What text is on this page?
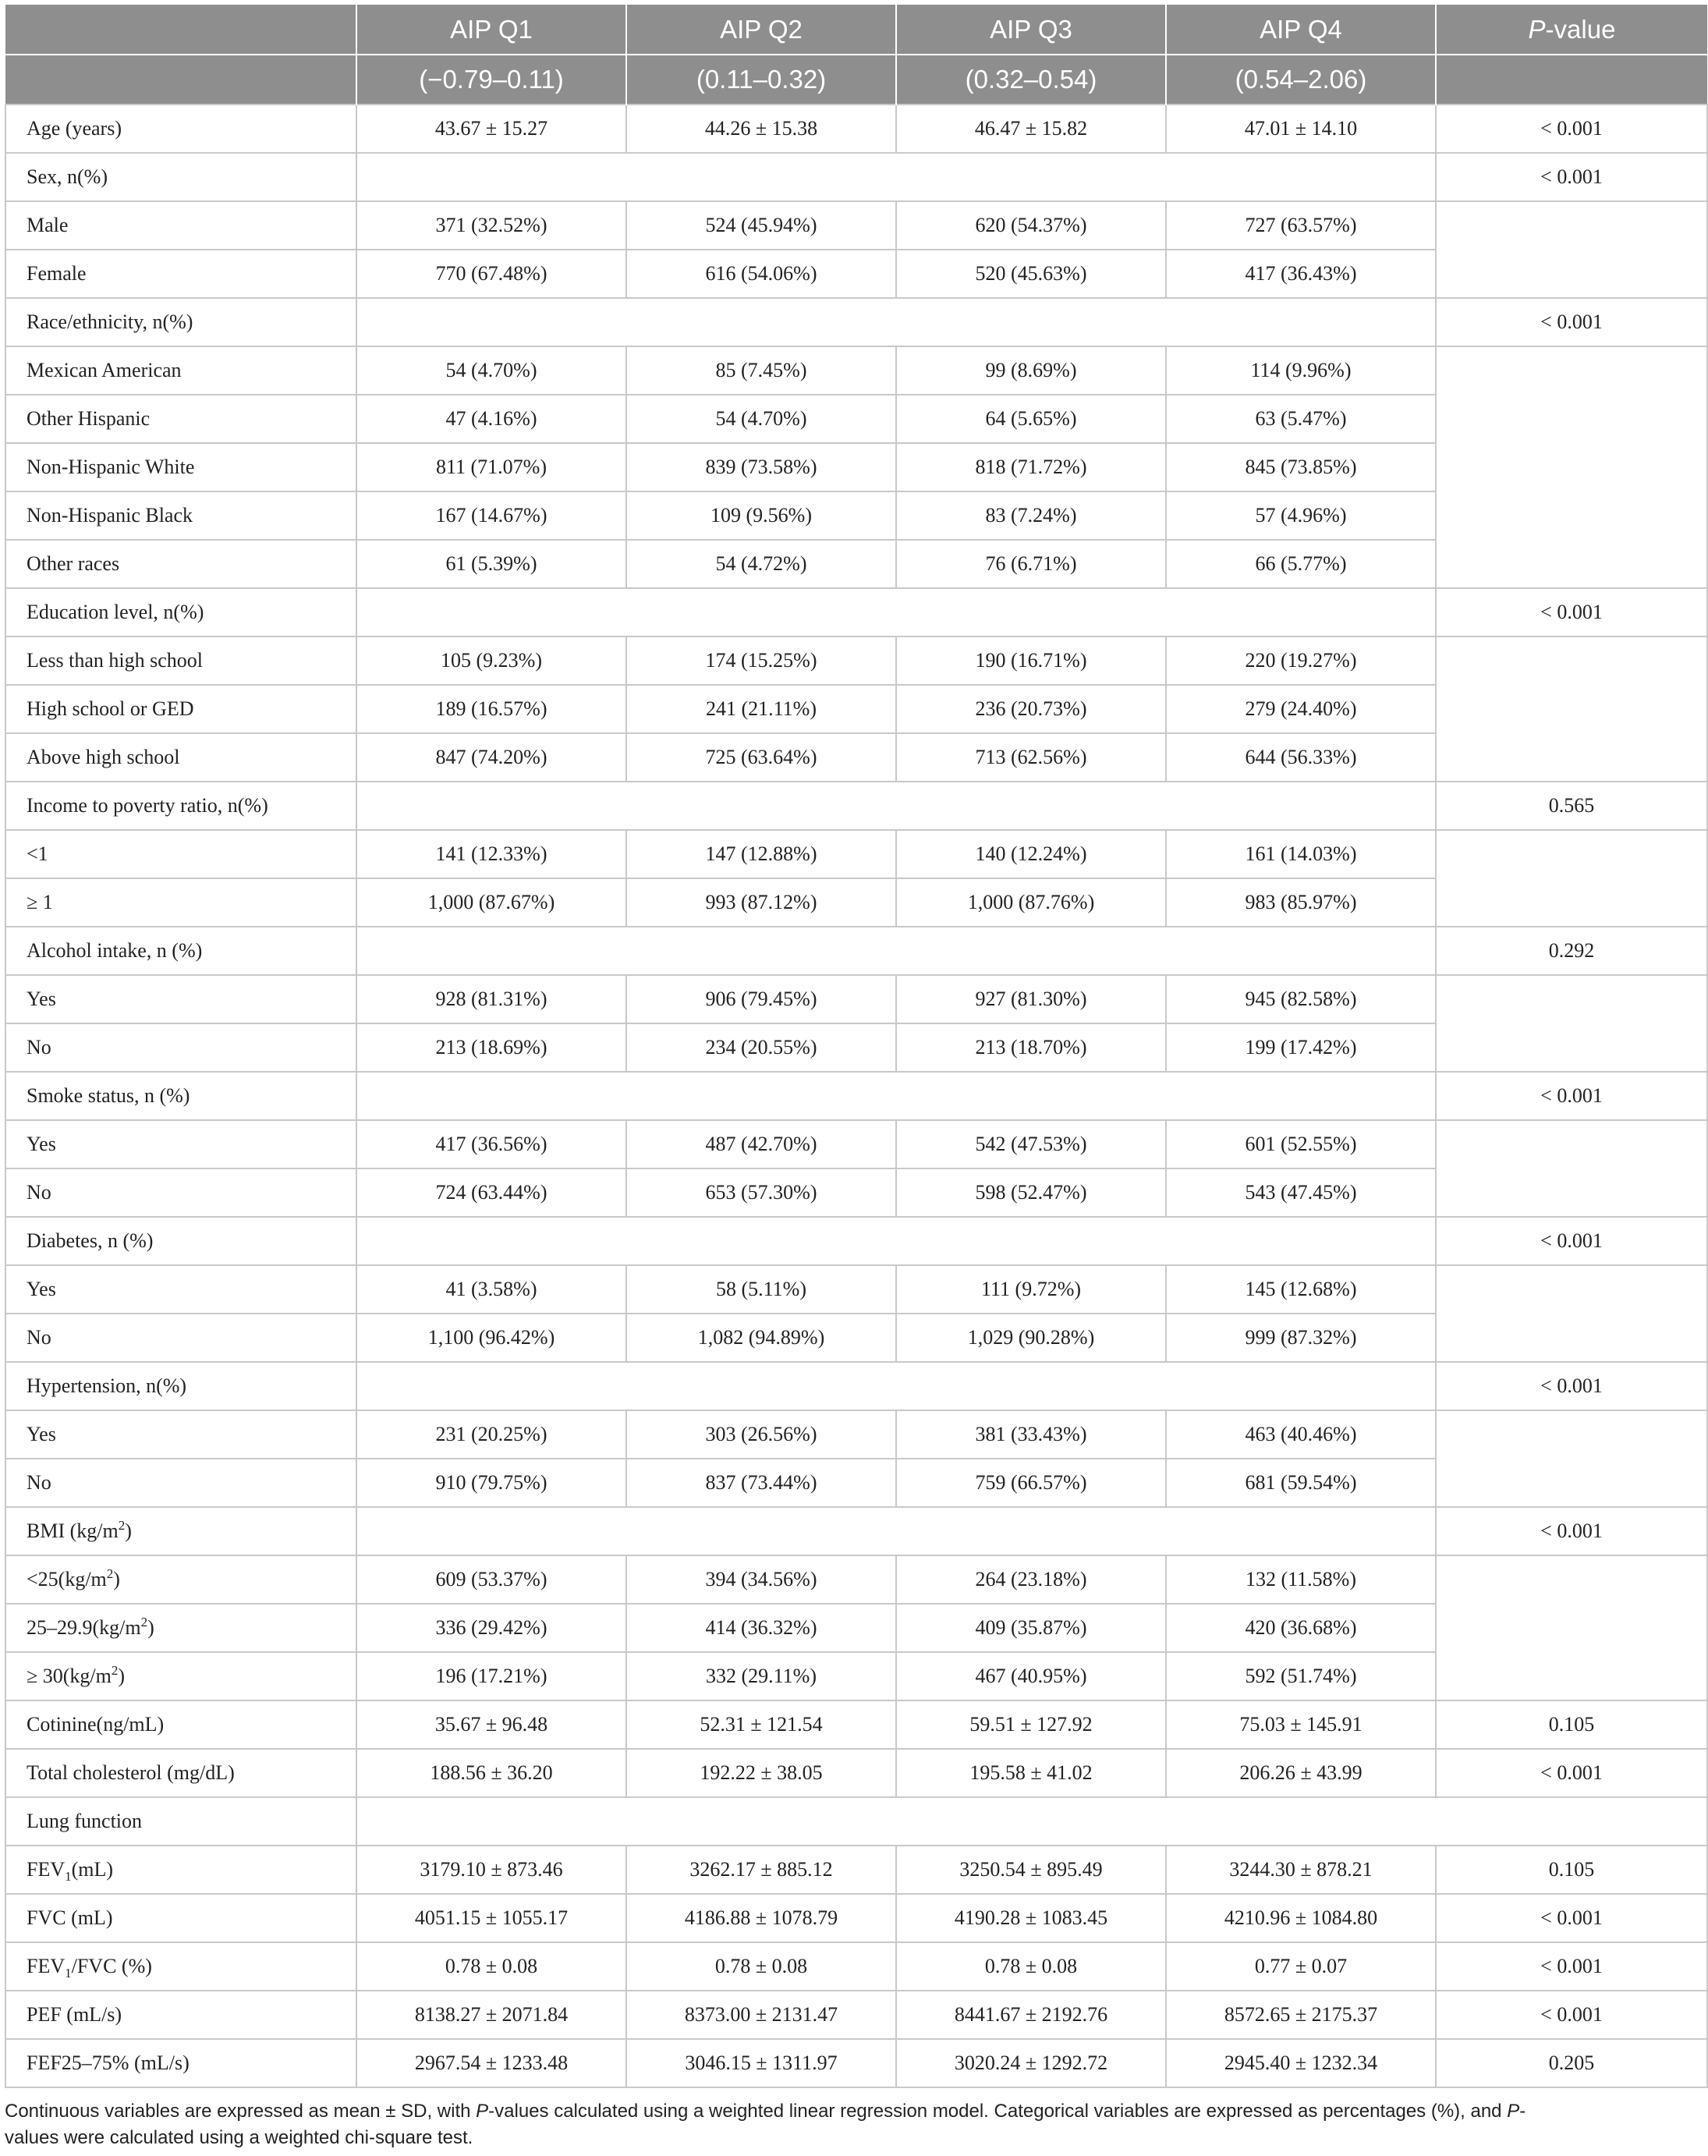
	AIP Q1	AIP Q2	AIP Q3	AIP Q4	P-value
	(−0.79–0.11)	(0.11–0.32)	(0.32–0.54)	(0.54–2.06)	
Age (years)	43.67 ± 15.27	44.26 ± 15.38	46.47 ± 15.82	47.01 ± 14.10	< 0.001
Sex, n(%)					< 0.001
Male	371 (32.52%)	524 (45.94%)	620 (54.37%)	727 (63.57%)	
Female	770 (67.48%)	616 (54.06%)	520 (45.63%)	417 (36.43%)	
Race/ethnicity, n(%)					< 0.001
Mexican American	54 (4.70%)	85 (7.45%)	99 (8.69%)	114 (9.96%)	
Other Hispanic	47 (4.16%)	54 (4.70%)	64 (5.65%)	63 (5.47%)	
Non-Hispanic White	811 (71.07%)	839 (73.58%)	818 (71.72%)	845 (73.85%)	
Non-Hispanic Black	167 (14.67%)	109 (9.56%)	83 (7.24%)	57 (4.96%)	
Other races	61 (5.39%)	54 (4.72%)	76 (6.71%)	66 (5.77%)	
Education level, n(%)					< 0.001
Less than high school	105 (9.23%)	174 (15.25%)	190 (16.71%)	220 (19.27%)	
High school or GED	189 (16.57%)	241 (21.11%)	236 (20.73%)	279 (24.40%)	
Above high school	847 (74.20%)	725 (63.64%)	713 (62.56%)	644 (56.33%)	
Income to poverty ratio, n(%)					0.565
<1	141 (12.33%)	147 (12.88%)	140 (12.24%)	161 (14.03%)	
≥ 1	1,000 (87.67%)	993 (87.12%)	1,000 (87.76%)	983 (85.97%)	
Alcohol intake, n (%)					0.292
Yes	928 (81.31%)	906 (79.45%)	927 (81.30%)	945 (82.58%)	
No	213 (18.69%)	234 (20.55%)	213 (18.70%)	199 (17.42%)	
Smoke status, n (%)					< 0.001
Yes	417 (36.56%)	487 (42.70%)	542 (47.53%)	601 (52.55%)	
No	724 (63.44%)	653 (57.30%)	598 (52.47%)	543 (47.45%)	
Diabetes, n (%)					< 0.001
Yes	41 (3.58%)	58 (5.11%)	111 (9.72%)	145 (12.68%)	
No	1,100 (96.42%)	1,082 (94.89%)	1,029 (90.28%)	999 (87.32%)	
Hypertension, n(%)					< 0.001
Yes	231 (20.25%)	303 (26.56%)	381 (33.43%)	463 (40.46%)	
No	910 (79.75%)	837 (73.44%)	759 (66.57%)	681 (59.54%)	
BMI $(kg/m^2)$					< 0.001
$<25(kg/m^2)$	609 (53.37%)	394 (34.56%)	264 (23.18%)	132 (11.58%)	
$25-29.9(kg/m^2)$	336 (29.42%)	414 (36.32%)	409 (35.87%)	420 (36.68%)	
≥ $30(kg/m^2)$	196 (17.21%)	332 (29.11%)	467 (40.95%)	592 (51.74%)	
Cotinine(ng/mL)	35.67 ± 96.48	52.31 ± 121.54	59.51 ± 127.92	75.03 ± 145.91	0.105
Total cholesterol (mg/dL)	188.56 ± 36.20	192.22 ± 38.05	195.58 ± 41.02	206.26 ± 43.99	< 0.001
Lung function					
$FEV_1(mL)$	3179.10 ± 873.46	3262.17 ± 885.12	3250.54 ± 895.49	3244.30 ± 878.21	0.105
FVC (mL)	4051.15 ± 1055.17	4186.88 ± 1078.79	4190.28 ± 1083.45	4210.96 ± 1084.80	< 0.001
$FEV_1$/FVC (%)	0.78 ± 0.08	0.78 ± 0.08	0.78 ± 0.08	0.77 ± 0.07	< 0.001
PEF (mL/s)	8138.27 ± 2071.84	8373.00 ± 2131.47	8441.67 ± 2192.76	8572.65 ± 2175.37	< 0.001
FEF25–75% (mL/s)	2967.54 ± 1233.48	3046.15 ± 1311.97	3020.24 ± 1292.72	2945.40 ± 1232.34	0.205
Continuous variables are expressed as mean ± SD, with P-values calculated using a weighted linear regression model. Categorical variables are expressed as percentages (%), and P-values were calculated using a weighted chi-square test.
